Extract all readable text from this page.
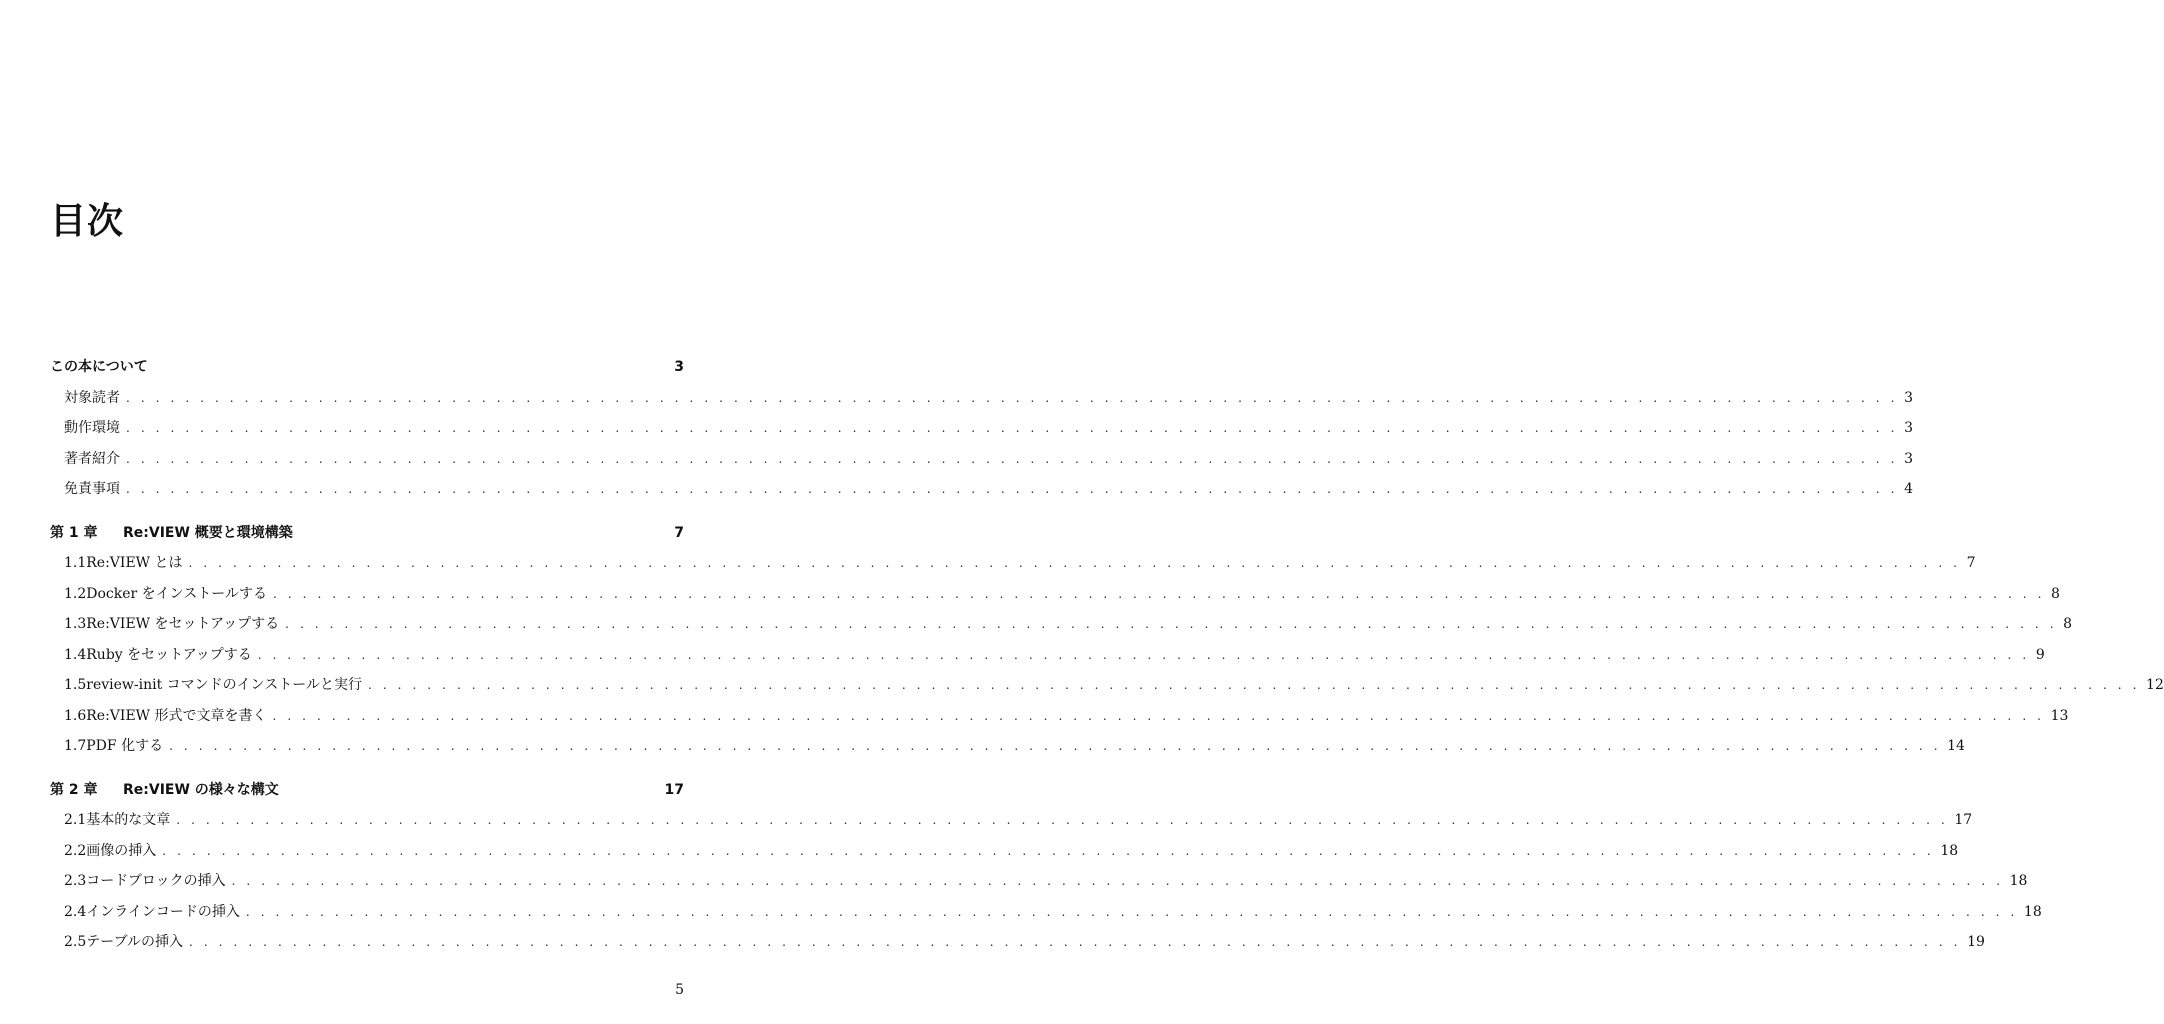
目次
この本について	3
対象読者 . . . . . . . . . . . . . . . . . . . . . . . . . . . . . . . . . . . . . . . . . . . . . . . . . . . . . . . . . . . . . . . . . . . . . . . . . . . . . . . . . . . . . . . . . . . . . . . . . . . . . . . . . . . . . . . . . . . . . . . . 3
動作環境 . . . . . . . . . . . . . . . . . . . . . . . . . . . . . . . . . . . . . . . . . . . . . . . . . . . . . . . . . . . . . . . . . . . . . . . . . . . . . . . . . . . . . . . . . . . . . . . . . . . . . . . . . . . . . . . . . . . . . . . . 3
著者紹介 . . . . . . . . . . . . . . . . . . . . . . . . . . . . . . . . . . . . . . . . . . . . . . . . . . . . . . . . . . . . . . . . . . . . . . . . . . . . . . . . . . . . . . . . . . . . . . . . . . . . . . . . . . . . . . . . . . . . . . . . 3
免責事項 . . . . . . . . . . . . . . . . . . . . . . . . . . . . . . . . . . . . . . . . . . . . . . . . . . . . . . . . . . . . . . . . . . . . . . . . . . . . . . . . . . . . . . . . . . . . . . . . . . . . . . . . . . . . . . . . . . . . . . . . 4
第 1 章	Re:VIEW 概要と環境構築	7
1.1 Re:VIEW とは . . . . . . . . . . . . . . . . . . . . . . . . . . . . . . . . . . . . . . . . . . . . . . . . . . . . . . . . . . . . . . . . . . . . . . . . . . . . . . . . . . . . . . . . . . . . . . . . . . . . . . . . . . . . . . . . . . . . . . . . 7
1.2 Docker をインストールする . . . . . . . . . . . . . . . . . . . . . . . . . . . . . . . . . . . . . . . . . . . . . . . . . . . . . . . . . . . . . . . . . . . . . . . . . . . . . . . . . . . . . . . . . . . . . . . . . . . . . . . . . . . . . . . . . . . . . . . . 8
1.3 Re:VIEW をセットアップする . . . . . . . . . . . . . . . . . . . . . . . . . . . . . . . . . . . . . . . . . . . . . . . . . . . . . . . . . . . . . . . . . . . . . . . . . . . . . . . . . . . . . . . . . . . . . . . . . . . . . . . . . . . . . . . . . . . . . . . . 8
1.4 Ruby をセットアップする . . . . . . . . . . . . . . . . . . . . . . . . . . . . . . . . . . . . . . . . . . . . . . . . . . . . . . . . . . . . . . . . . . . . . . . . . . . . . . . . . . . . . . . . . . . . . . . . . . . . . . . . . . . . . . . . . . . . . . . . 9
1.5 review-init コマンドのインストールと実行 . . . . . . . . . . . . . . . . . . . . . . . . . . . . . . . . . . . . . . . . . . . . . . . . . . . . . . . . . . . . . . . . . . . . . . . . . . . . . . . . . . . . . . . . . . . . . . . . . . . . . . . . . . . . . . . . . . . . . . . . 12
1.6 Re:VIEW 形式で文章を書く . . . . . . . . . . . . . . . . . . . . . . . . . . . . . . . . . . . . . . . . . . . . . . . . . . . . . . . . . . . . . . . . . . . . . . . . . . . . . . . . . . . . . . . . . . . . . . . . . . . . . . . . . . . . . . . . . . . . . . . . 13
1.7 PDF 化する . . . . . . . . . . . . . . . . . . . . . . . . . . . . . . . . . . . . . . . . . . . . . . . . . . . . . . . . . . . . . . . . . . . . . . . . . . . . . . . . . . . . . . . . . . . . . . . . . . . . . . . . . . . . . . . . . . . . . . . . 14
第 2 章	Re:VIEW の様々な構文	17
2.1 基本的な文章 . . . . . . . . . . . . . . . . . . . . . . . . . . . . . . . . . . . . . . . . . . . . . . . . . . . . . . . . . . . . . . . . . . . . . . . . . . . . . . . . . . . . . . . . . . . . . . . . . . . . . . . . . . . . . . . . . . . . . . . . 17
2.2 画像の挿入 . . . . . . . . . . . . . . . . . . . . . . . . . . . . . . . . . . . . . . . . . . . . . . . . . . . . . . . . . . . . . . . . . . . . . . . . . . . . . . . . . . . . . . . . . . . . . . . . . . . . . . . . . . . . . . . . . . . . . . . . 18
2.3 コードブロックの挿入 . . . . . . . . . . . . . . . . . . . . . . . . . . . . . . . . . . . . . . . . . . . . . . . . . . . . . . . . . . . . . . . . . . . . . . . . . . . . . . . . . . . . . . . . . . . . . . . . . . . . . . . . . . . . . . . . . . . . . . . . 18
2.4 インラインコードの挿入 . . . . . . . . . . . . . . . . . . . . . . . . . . . . . . . . . . . . . . . . . . . . . . . . . . . . . . . . . . . . . . . . . . . . . . . . . . . . . . . . . . . . . . . . . . . . . . . . . . . . . . . . . . . . . . . . . . . . . . . . 18
2.5 テーブルの挿入 . . . . . . . . . . . . . . . . . . . . . . . . . . . . . . . . . . . . . . . . . . . . . . . . . . . . . . . . . . . . . . . . . . . . . . . . . . . . . . . . . . . . . . . . . . . . . . . . . . . . . . . . . . . . . . . . . . . . . . . . 19
5
